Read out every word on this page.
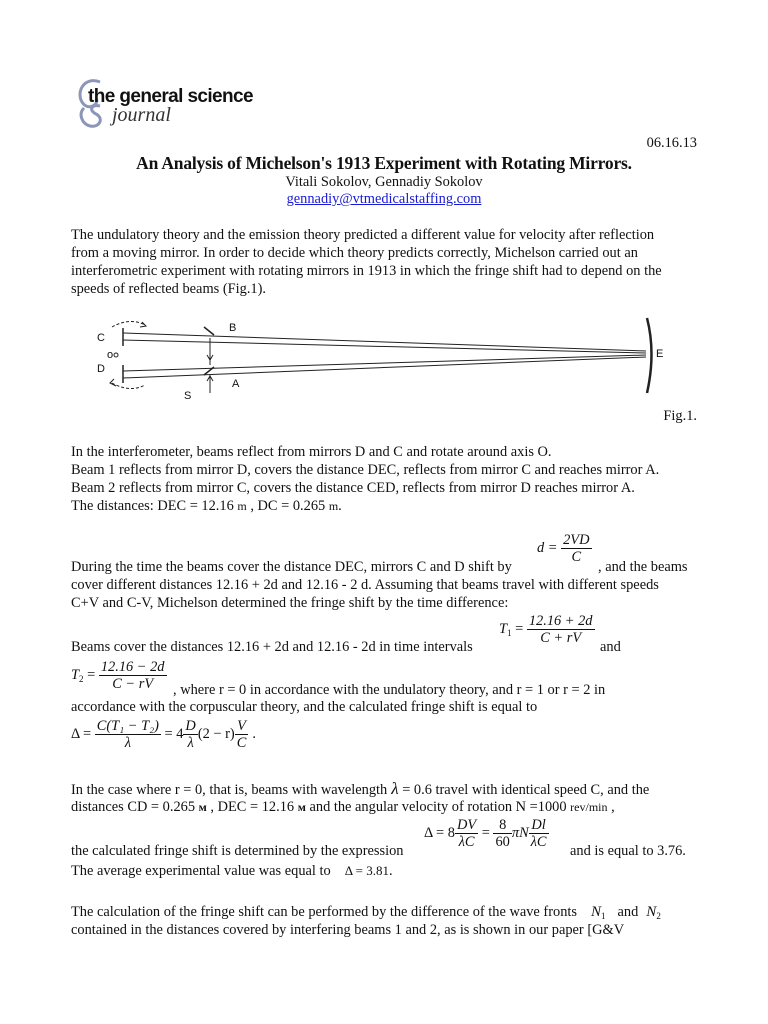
the general science
journal
06.16.13
An Analysis of Michelson's 1913 Experiment with Rotating Mirrors.
Vitali Sokolov, Gennadiy Sokolov
gennadiy@vtmedicalstaffing.com
The undulatory theory and the emission theory predicted a different value for velocity after reflection
from a moving mirror. In order to decide which theory predicts correctly, Michelson carried out an
interferometric experiment with rotating mirrors in 1913 in which the fringe shift had to depend on the
speeds of reflected beams (Fig.1).
B
C
o
D
E
A
S
Fig.1.
In the interferometer, beams reflect from mirrors D and C and rotate around axis O.
Beam 1 reflects from mirror D, covers the distance DEC, reflects from mirror C and reaches mirror A.
Beam 2 reflects from mirror C, covers the distance CED, reflects from mirror D reaches mirror A.
The distances: DEC = 12.16 m , DC = 0.265 m.
$d = \frac{2VD}{C}$
During the time the beams cover the distance DEC, mirrors C and D shift by	, and the beams
cover different distances 12.16 + 2d and 12.16 - 2 d. Assuming that beams travel with different speeds
C+V and C-V, Michelson determined the fringe shift by the time difference:
$T_1 = \frac{12.16 + 2d}{C + rV}$
Beams cover the distances 12.16 + 2d and 12.16 - 2d in time intervals	and
$T_2 = \frac{12.16 - 2d}{C - rV}$ , where r = 0 in accordance with the undulatory theory, and r = 1 or r = 2 in
accordance with the corpuscular theory, and the calculated fringe shift is equal to
$\Delta = \frac{\text{C(T₁ − T₂)}}{\lambda} = 4 \frac{D}{\lambda} (2 - r) \frac{V}{C}$ .
In the case where r = 0, that is, beams with wavelength λ = 0.6 travel with identical speed C, and the
distances CD = 0.265 м , DEC = 12.16 м and the angular velocity of rotation N =1000 rev/min ,
$\Delta = 8 \frac{DV}{\lambda C} = \frac{8}{60}$ πN $\frac{Dl}{\lambda C}$
the calculated fringe shift is determined by the expression	and is equal to 3.76.
The average experimental value was equal to Δ = 3.81.
The calculation of the fringe shift can be performed by the difference of the wave fronts $N_1$ and $N_2$
contained in the distances covered by interfering beams 1 and 2, as is shown in our paper [G&V
